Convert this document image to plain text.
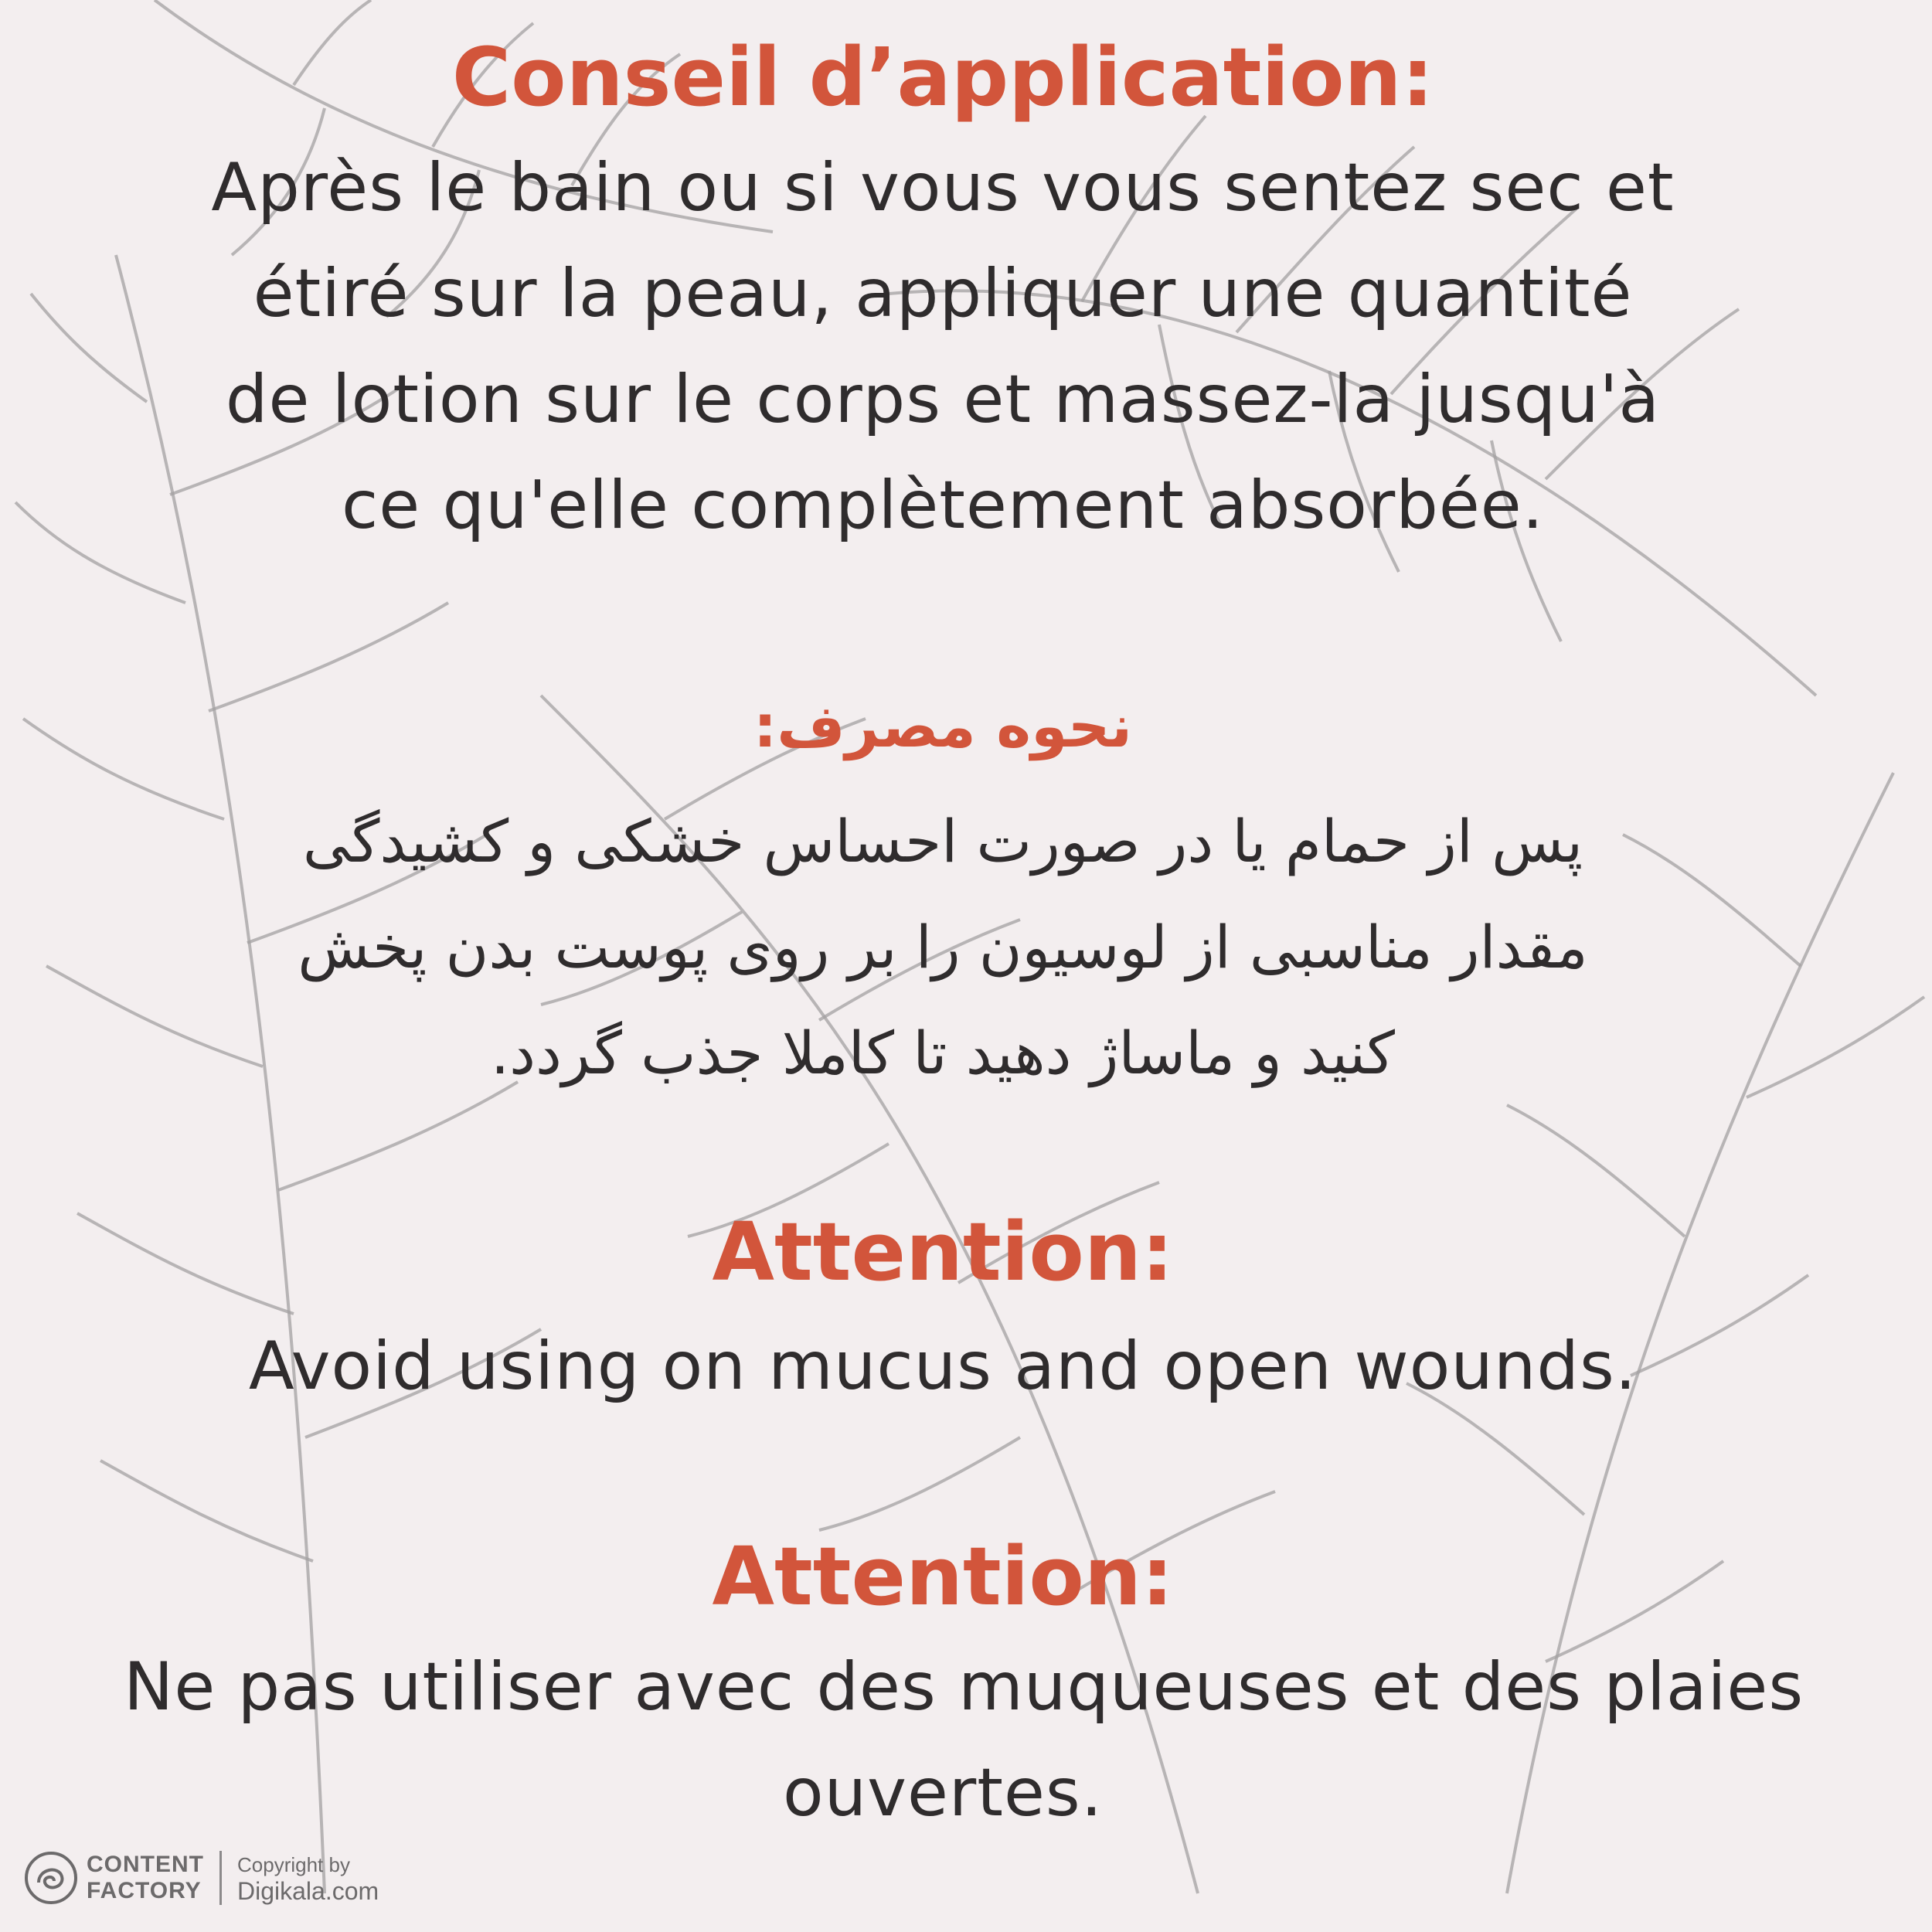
Conseil d’application:
Après le bain ou si vous vous sentez sec et
étiré sur la peau, appliquer une quantité
de lotion sur le corps et massez-la jusqu'à
ce qu'elle complètement absorbée.
نحوه مصرف:
پس از حمام یا در صورت احساس خشکی و کشیدگی
مقدار مناسبی از لوسیون را بر روی پوست بدن پخش
کنید و ماساژ دهید تا کاملا جذب گردد.
Attention:
Avoid using on mucus and open wounds.
Attention:
Ne pas utiliser avec des muqueuses et des plaies
ouvertes.
CONTENT
FACTORY
Copyright by
Digikala.com
